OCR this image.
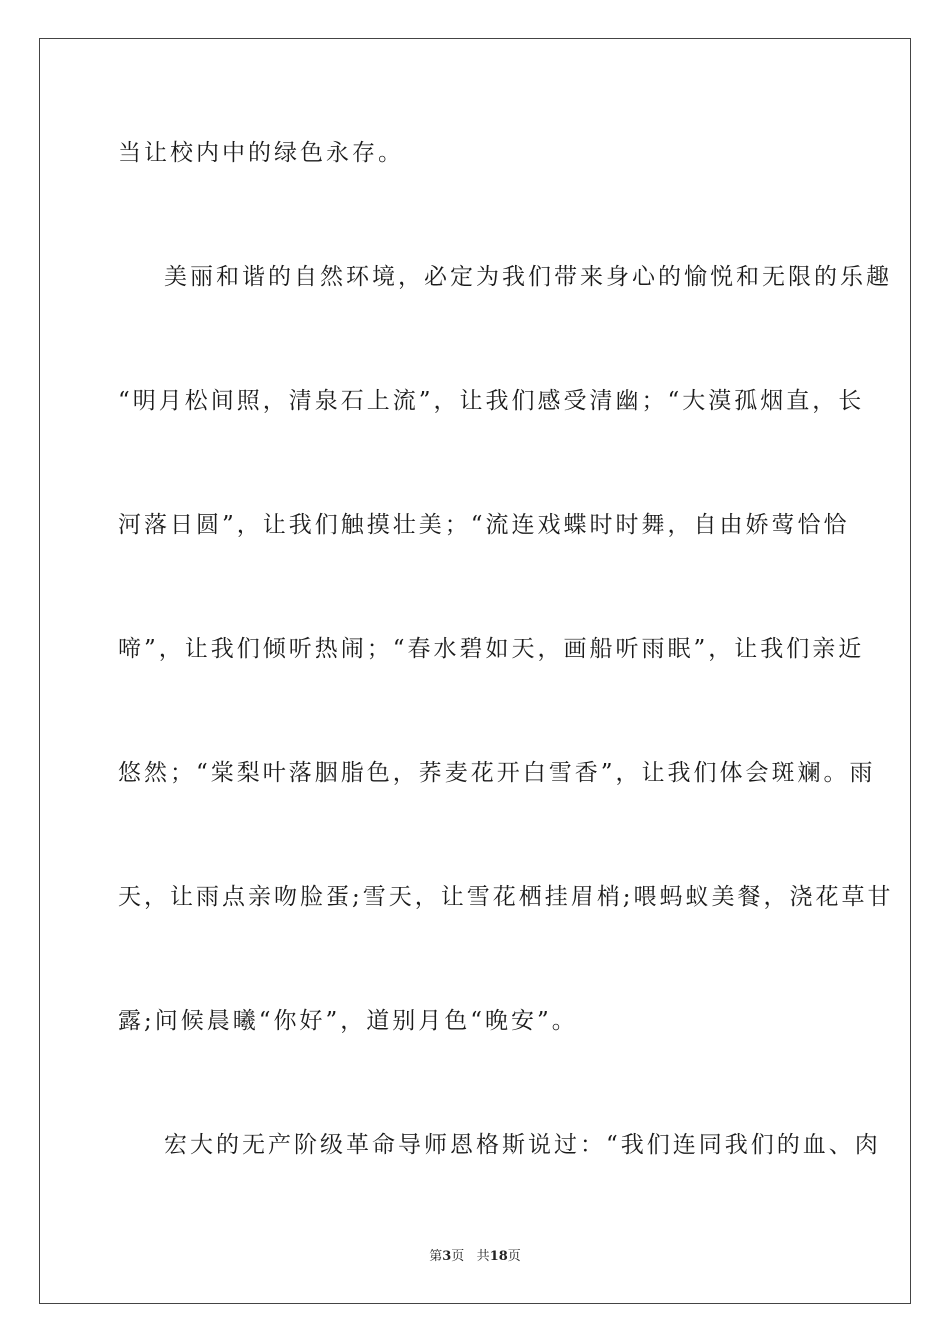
当让校内中的绿色永存。
美丽和谐的自然环境，必定为我们带来身心的愉悦和无限的乐趣
“明月松间照，清泉石上流”，让我们感受清幽；“大漠孤烟直，长
河落日圆”，让我们触摸壮美；“流连戏蝶时时舞，自由娇莺恰恰
啼”，让我们倾听热闹；“春水碧如天，画船听雨眠”，让我们亲近
悠然；“棠梨叶落胭脂色，荞麦花开白雪香”，让我们体会斑斓。雨
天，让雨点亲吻脸蛋;雪天，让雪花栖挂眉梢;喂蚂蚁美餐，浇花草甘
露;问候晨曦“你好”，道别月色“晚安”。
宏大的无产阶级革命导师恩格斯说过：“我们连同我们的血、肉
第3页 共18页
